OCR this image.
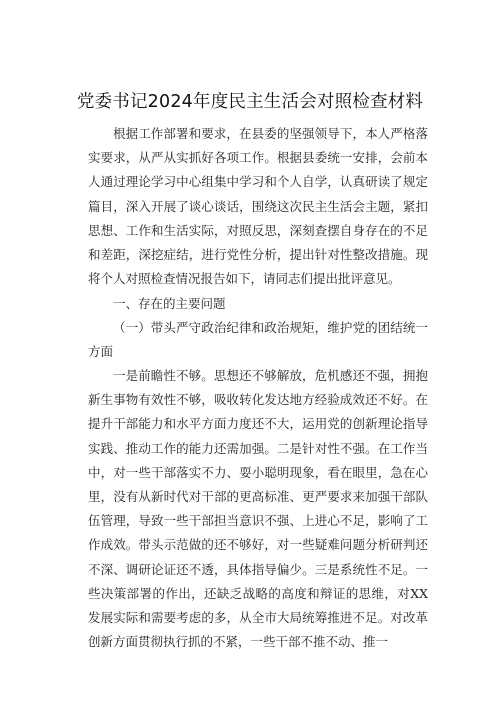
党委书记2024年度民主生活会对照检查材料

根据工作部署和要求，在县委的坚强领导下，本人严格落实要求，从严从实抓好各项工作。根据县委统一安排，会前本人通过理论学习中心组集中学习和个人自学，认真研读了规定篇目，深入开展了谈心谈话，围绕这次民主生活会主题，紧扣思想、工作和生活实际，对照反思，深刻查摆自身存在的不足和差距，深挖症结，进行党性分析，提出针对性整改措施。现将个人对照检查情况报告如下，请同志们提出批评意见。

一、存在的主要问题

（一）带头严守政治纪律和政治规矩，维护党的团结统一方面

一是前瞻性不够。思想还不够解放，危机感还不强，拥抱新生事物有效性不够，吸收转化发达地方经验成效还不好。在提升干部能力和水平方面力度还不大，运用党的创新理论指导实践、推动工作的能力还需加强。二是针对性不强。在工作当中，对一些干部落实不力、耍小聪明现象，看在眼里，急在心里，没有从新时代对干部的更高标准、更严要求来加强干部队伍管理，导致一些干部担当意识不强、上进心不足，影响了工作成效。带头示范做的还不够好，对一些疑难问题分析研判还不深、调研论证还不透，具体指导偏少。三是系统性不足。一些决策部署的作出，还缺乏战略的高度和辩证的思维，对XX发展实际和需要考虑的多，从全市大局统筹推进不足。对改革创新方面贯彻执行抓的不紧，一些干部不推不动、推一
